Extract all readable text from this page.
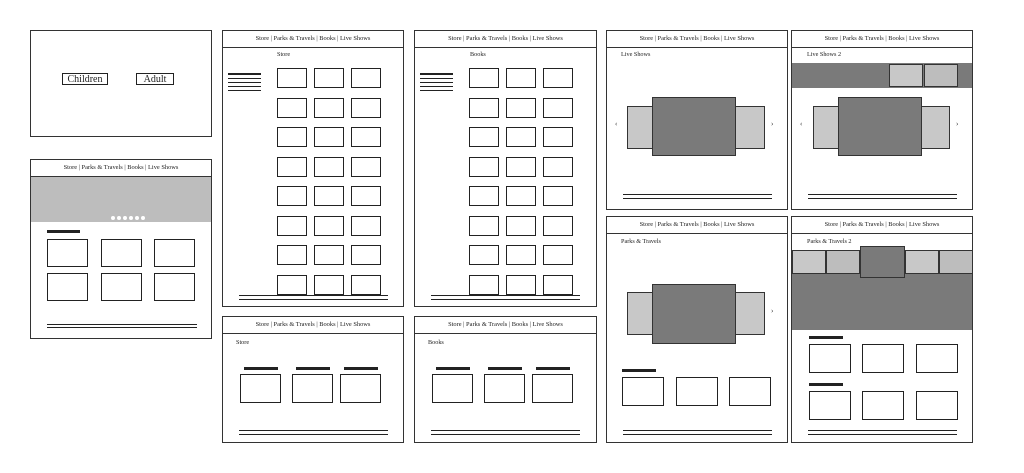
Children	Adult
Store | Parks & Travels | Books | Live Shows
Store | Parks & Travels | Books | Live Shows
Store
Store | Parks & Travels | Books | Live Shows
Books
Store | Parks & Travels | Books | Live Shows
Store
Store | Parks & Travels | Books | Live Shows
Books
Store | Parks & Travels | Books | Live Shows
Live Shows
‹	›
Store | Parks & Travels | Books | Live Shows
Live Shows 2
‹	›
Store | Parks & Travels | Books | Live Shows
Parks & Travels
›
Store | Parks & Travels | Books | Live Shows
Parks & Travels 2
